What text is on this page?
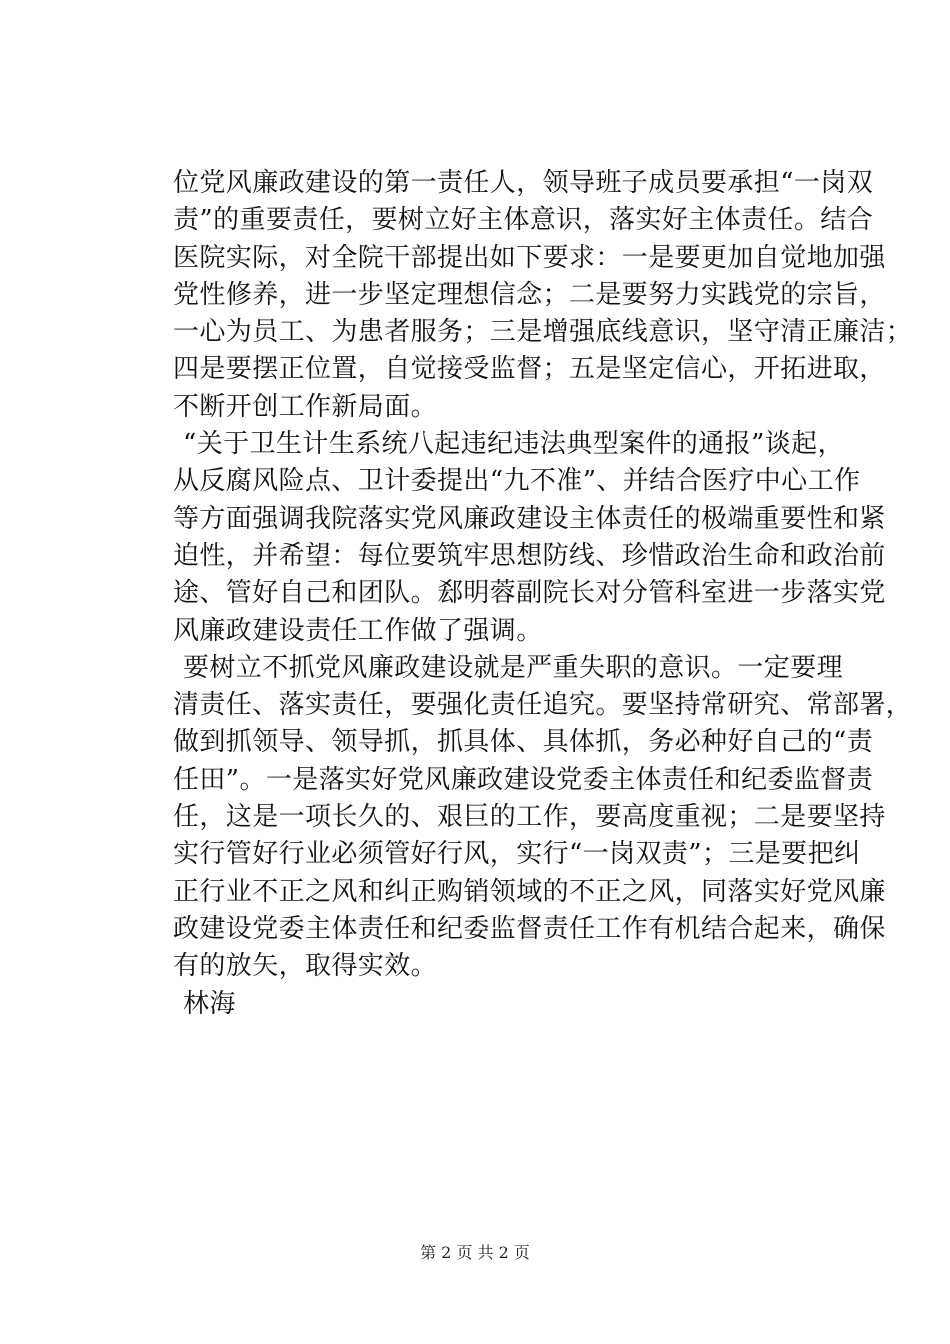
位党风廉政建设的第一责任人，领导班子成员要承担“一岗双
责”的重要责任，要树立好主体意识，落实好主体责任。结合
医院实际，对全院干部提出如下要求：一是要更加自觉地加强
党性修养，进一步坚定理想信念；二是要努力实践党的宗旨，
一心为员工、为患者服务；三是增强底线意识，坚守清正廉洁；
四是要摆正位置，自觉接受监督；五是坚定信心，开拓进取，
不断开创工作新局面。
“关于卫生计生系统八起违纪违法典型案件的通报”谈起，
从反腐风险点、卫计委提出“九不准”、并结合医疗中心工作
等方面强调我院落实党风廉政建设主体责任的极端重要性和紧
迫性，并希望：每位要筑牢思想防线、珍惜政治生命和政治前
途、管好自己和团队。郄明蓉副院长对分管科室进一步落实党
风廉政建设责任工作做了强调。
要树立不抓党风廉政建设就是严重失职的意识。一定要理
清责任、落实责任，要强化责任追究。要坚持常研究、常部署，
做到抓领导、领导抓，抓具体、具体抓，务必种好自己的“责
任田”。一是落实好党风廉政建设党委主体责任和纪委监督责
任，这是一项长久的、艰巨的工作，要高度重视；二是要坚持
实行管好行业必须管好行风，实行“一岗双责”；三是要把纠
正行业不正之风和纠正购销领域的不正之风，同落实好党风廉
政建设党委主体责任和纪委监督责任工作有机结合起来，确保
有的放矢，取得实效。
林海
第 2 页 共 2 页
